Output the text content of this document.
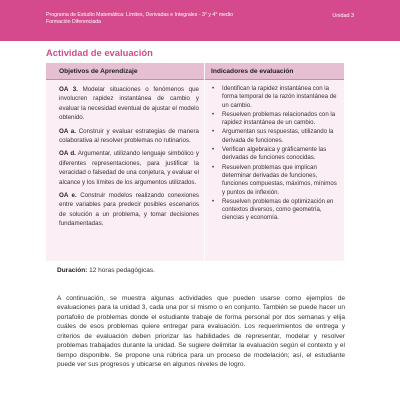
Programa de Estudio Matemática: Límites, Derivadas e Integrales - 3° y 4° medio
Formación Diferenciada
Unidad 3
Actividad de evaluación
Objetivos de Aprendizaje	Indicadores de evaluación

OA 3. Modelar situaciones o fenómenos que involucren rapidez instantánea de cambio y evaluar la necesidad eventual de ajustar el modelo obtenido.

OA a. Construir y evaluar estrategias de manera colaborativa al resolver problemas no rutinarios.

OA d. Argumentar, utilizando lenguaje simbólico y diferentes representaciones, para justificar la veracidad o falsedad de una conjetura, y evaluar el alcance y los límites de los argumentos utilizados.

OA e. Construir modelos realizando conexiones entre variables para predecir posibles escenarios de solución a un problema, y tomar decisiones fundamentadas.

• Identifican la rapidez instantánea con la forma temporal de la razón instantánea de un cambio.
• Resuelven problemas relacionados con la rapidez instantánea de un cambio.
• Argumentan sus respuestas, utilizando la derivada de funciones.
• Verifican algebraica y gráficamente las derivadas de funciones conocidas.
• Resuelven problemas que implican determinar derivadas de funciones, funciones compuestas, máximos, mínimos y puntos de inflexión.
• Resuelven problemas de optimización en contextos diversos, como geometría, ciencias y economía.
Duración: 12 horas pedagógicas.

A continuación, se muestra algunas actividades que pueden usarse como ejemplos de evaluaciones para la unidad 3, cada una por sí mismo o en conjunto. También se puede hacer un portafolio de problemas donde el estudiante trabaje de forma personal por dos semanas y elija cuáles de esos problemas quiere entregar para evaluación. Los requerimientos de entrega y criterios de evaluación deben priorizar las habilidades de representar, modelar y resolver problemas trabajados durante la unidad. Se sugiere delimitar la evaluación según el contexto y el tiempo disponible. Se propone una rúbrica para un proceso de modelación; así, el estudiante puede ver sus progresos y ubicarse en algunos niveles de logro.
